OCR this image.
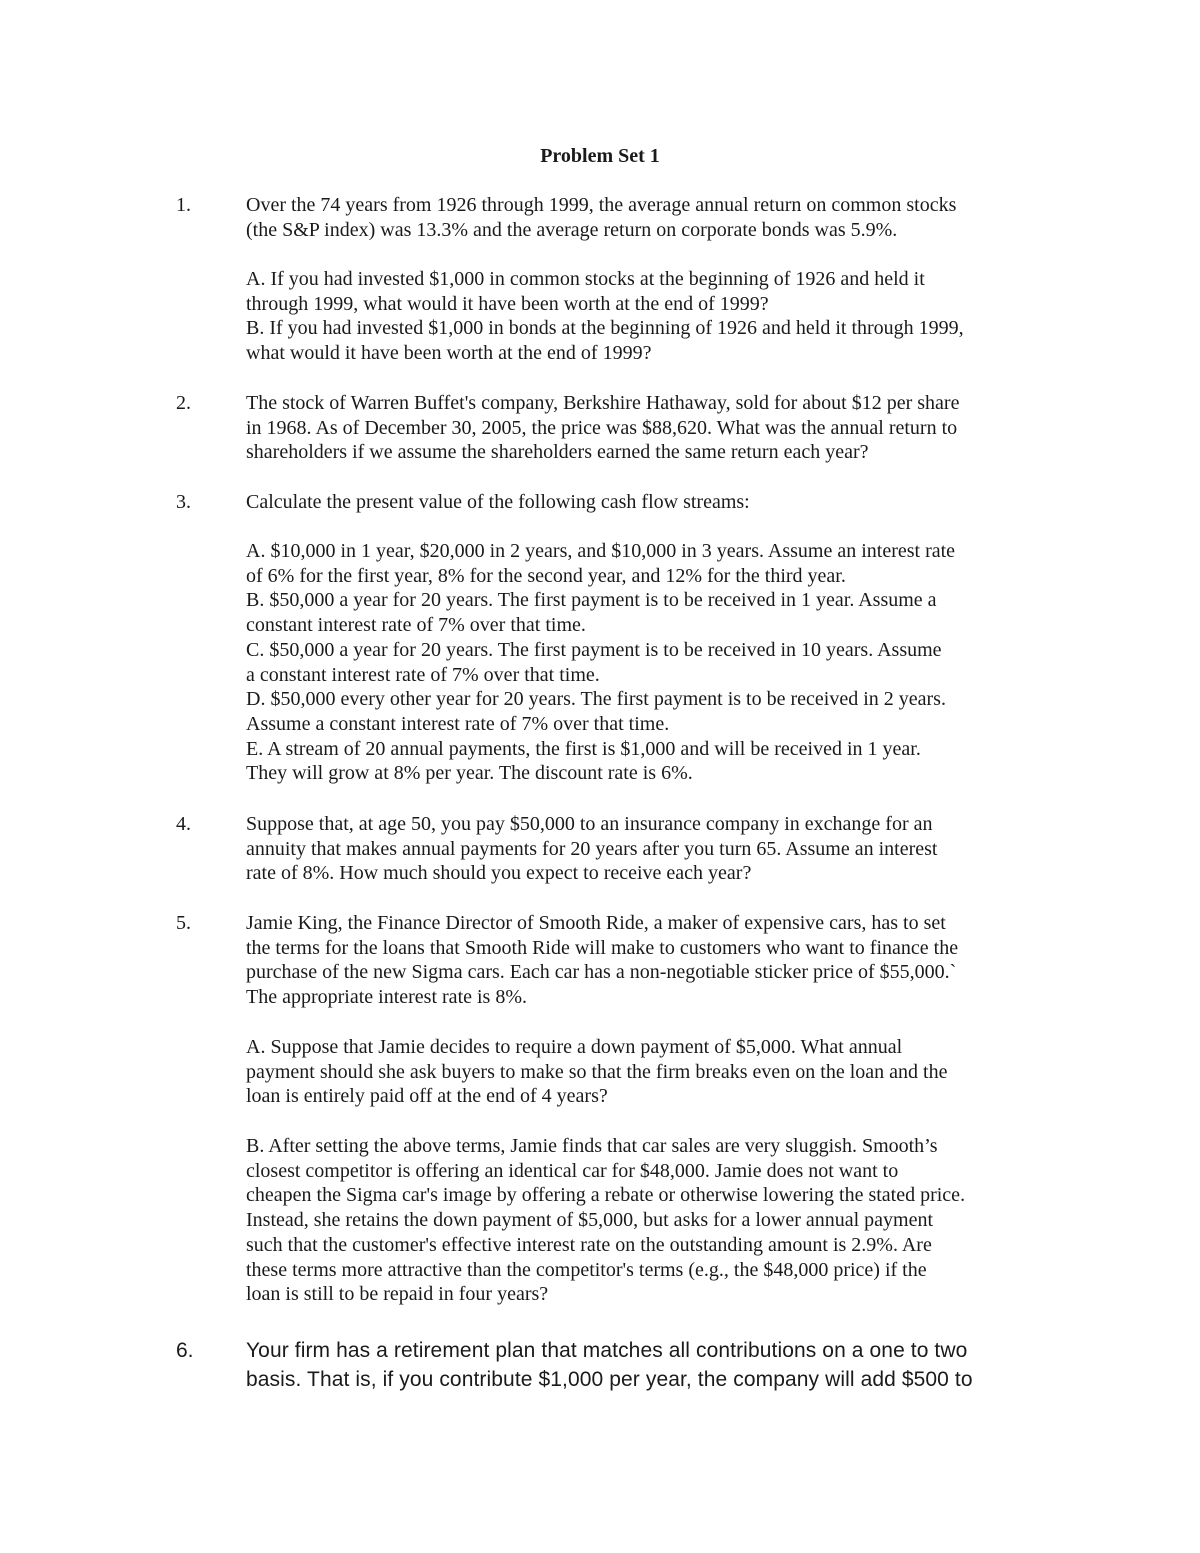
Problem Set 1
1.	Over the 74 years from 1926 through 1999, the average annual return on common stocks
(the S&P index) was 13.3% and the average return on corporate bonds was 5.9%.
A. If you had invested $1,000 in common stocks at the beginning of 1926 and held it
through 1999, what would it have been worth at the end of 1999?
B. If you had invested $1,000 in bonds at the beginning of 1926 and held it through 1999,
what would it have been worth at the end of 1999?
2.	The stock of Warren Buffet's company, Berkshire Hathaway, sold for about $12 per share
in 1968. As of December 30, 2005, the price was $88,620. What was the annual return to
shareholders if we assume the shareholders earned the same return each year?
3.	Calculate the present value of the following cash flow streams:
A. $10,000 in 1 year, $20,000 in 2 years, and $10,000 in 3 years. Assume an interest rate
of 6% for the first year, 8% for the second year, and 12% for the third year.
B. $50,000 a year for 20 years. The first payment is to be received in 1 year. Assume a
constant interest rate of 7% over that time.
C. $50,000 a year for 20 years. The first payment is to be received in 10 years. Assume
a constant interest rate of 7% over that time.
D. $50,000 every other year for 20 years. The first payment is to be received in 2 years.
Assume a constant interest rate of 7% over that time.
E. A stream of 20 annual payments, the first is $1,000 and will be received in 1 year.
They will grow at 8% per year. The discount rate is 6%.
4.	Suppose that, at age 50, you pay $50,000 to an insurance company in exchange for an
annuity that makes annual payments for 20 years after you turn 65. Assume an interest
rate of 8%. How much should you expect to receive each year?
5.	Jamie King, the Finance Director of Smooth Ride, a maker of expensive cars, has to set
the terms for the loans that Smooth Ride will make to customers who want to finance the
purchase of the new Sigma cars. Each car has a non-negotiable sticker price of $55,000.`
The appropriate interest rate is 8%.
A. Suppose that Jamie decides to require a down payment of $5,000. What annual
payment should she ask buyers to make so that the firm breaks even on the loan and the
loan is entirely paid off at the end of 4 years?
B. After setting the above terms, Jamie finds that car sales are very sluggish. Smooth’s
closest competitor is offering an identical car for $48,000. Jamie does not want to
cheapen the Sigma car's image by offering a rebate or otherwise lowering the stated price.
Instead, she retains the down payment of $5,000, but asks for a lower annual payment
such that the customer's effective interest rate on the outstanding amount is 2.9%. Are
these terms more attractive than the competitor's terms (e.g., the $48,000 price) if the
loan is still to be repaid in four years?
6. Your firm has a retirement plan that matches all contributions on a one to two
basis. That is, if you contribute $1,000 per year, the company will add $500 to
